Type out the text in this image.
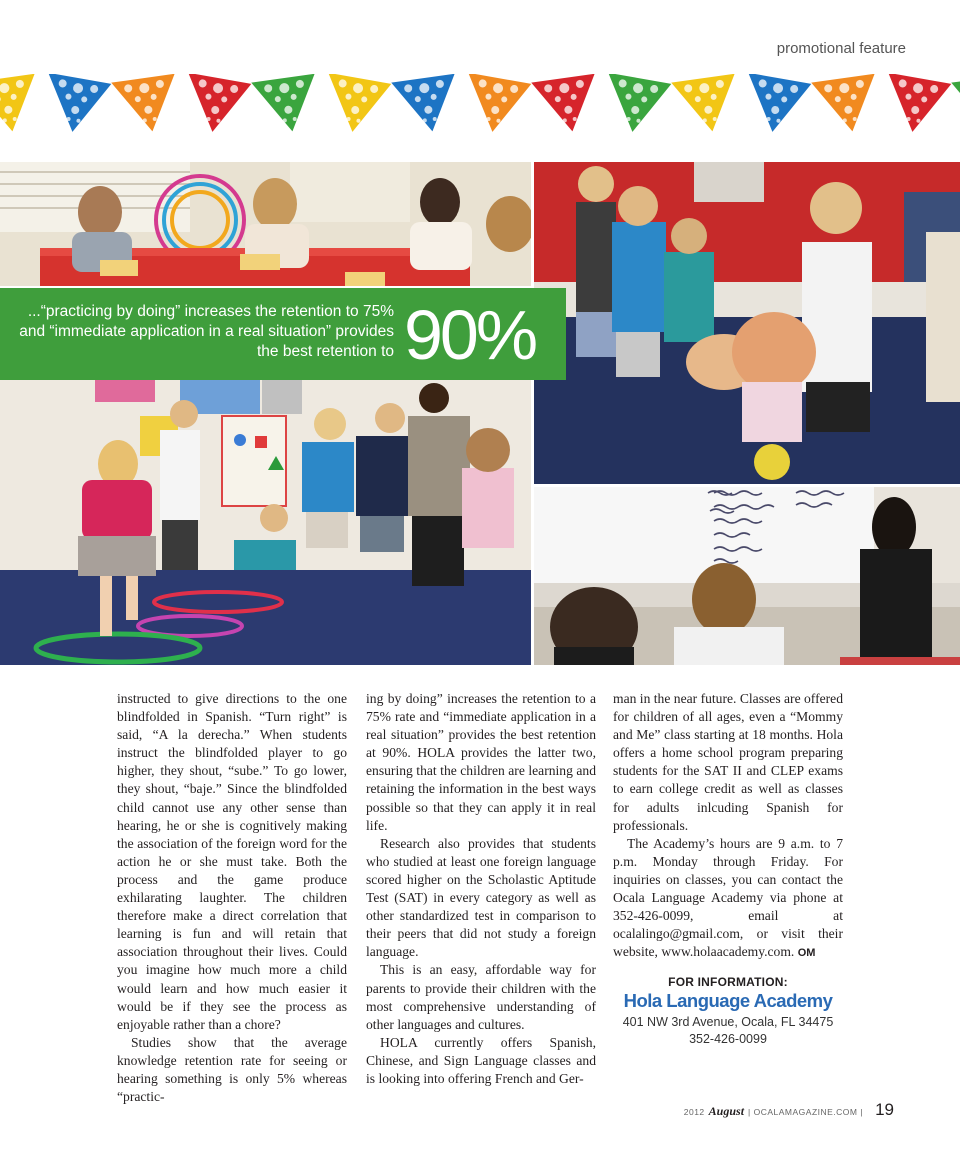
promotional feature
...“practicing by doing” increases the retention to 75% and “immediate application in a real situation” provides the best retention to 90%

instructed to give directions to the one blindfolded in Spanish. “Turn right” is said, “A la derecha.” When students instruct the blindfolded player to go higher, they shout, “sube.” To go lower, they shout, “baje.” Since the blindfolded child cannot use any other sense than hearing, he or she is cognitively making the association of the foreign word for the action he or she must take. Both the process and the game produce exhilarating laughter. The children therefore make a direct correlation that learning is fun and will retain that association throughout their lives. Could you imagine how much more a child would learn and how much easier it would be if they see the process as enjoyable rather than a chore?

Studies show that the average knowledge retention rate for seeing or hearing something is only 5% whereas “practic-

ing by doing” increases the retention to a 75% rate and “immediate application in a real situation” provides the best retention at 90%. HOLA provides the latter two, ensuring that the children are learning and retaining the information in the best ways possible so that they can apply it in real life.

Research also provides that students who studied at least one foreign language scored higher on the Scholastic Aptitude Test (SAT) in every category as well as other standardized test in comparison to their peers that did not study a foreign language.

This is an easy, affordable way for parents to provide their children with the most comprehensive understanding of other languages and cultures.

HOLA currently offers Spanish, Chinese, and Sign Language classes and is looking into offering French and Ger-

man in the near future. Classes are offered for children of all ages, even a “Mommy and Me” class starting at 18 months. Hola offers a home school program preparing students for the SAT II and CLEP exams to earn college credit as well as classes for adults inlcuding Spanish for professionals.

The Academy’s hours are 9 a.m. to 7 p.m. Monday through Friday. For inquiries on classes, you can contact the Ocala Language Academy via phone at 352-426-0099, email at ocalalingo@gmail.com, or visit their website, www.holaacademy.com. OM

FOR INFORMATION:
Hola Language Academy
401 NW 3rd Avenue, Ocala, FL 34475
352-426-0099
2012 August | OCALAMAGAZINE.COM | 19
